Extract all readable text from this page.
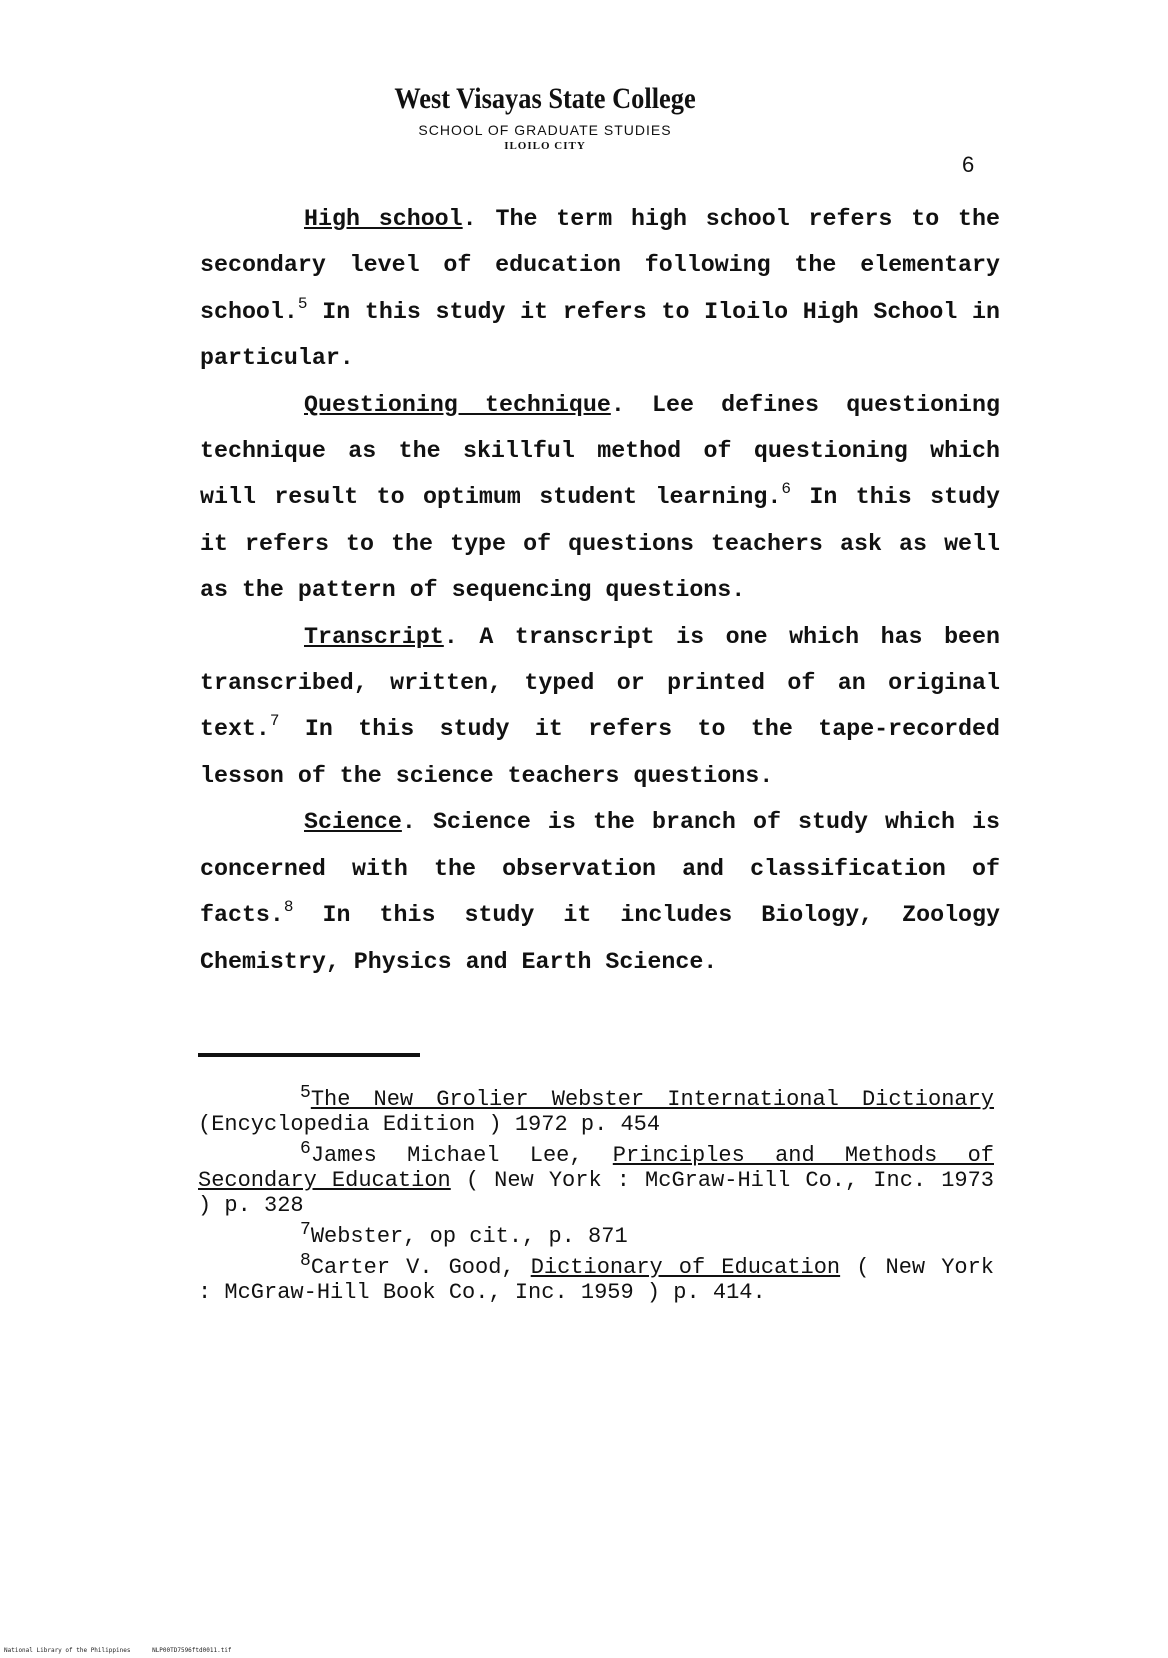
West Visayas State College
SCHOOL OF GRADUATE STUDIES
ILOILO CITY
6

High school. The term high school refers to the secondary level of education following the elementary school.$^5$ In this study it refers to Iloilo High School in particular.

Questioning technique. Lee defines questioning technique as the skillful method of questioning which will result to optimum student learning.$^6$ In this study it refers to the type of questions teachers ask as well as the pattern of sequencing questions.

Transcript. A transcript is one which has been transcribed, written, typed or printed of an original text.$^7$ In this study it refers to the tape-recorded lesson of the science teachers questions.

Science. Science is the branch of study which is concerned with the observation and classification of facts.$^8$ In this study it includes Biology, Zoology Chemistry, Physics and Earth Science.

$^5$The New Grolier Webster International Dictionary (Encyclopedia Edition ) 1972 p. 454

$^6$James Michael Lee, Principles and Methods of Secondary Education ( New York : McGraw-Hill Co., Inc. 1973 ) p. 328

$^7$Webster, op cit., p. 871

$^8$Carter V. Good, Dictionary of Education ( New York : McGraw-Hill Book Co., Inc. 1959 ) p. 414.

National Library of the Philippines	NLP00TD7596ftd0011.tif
